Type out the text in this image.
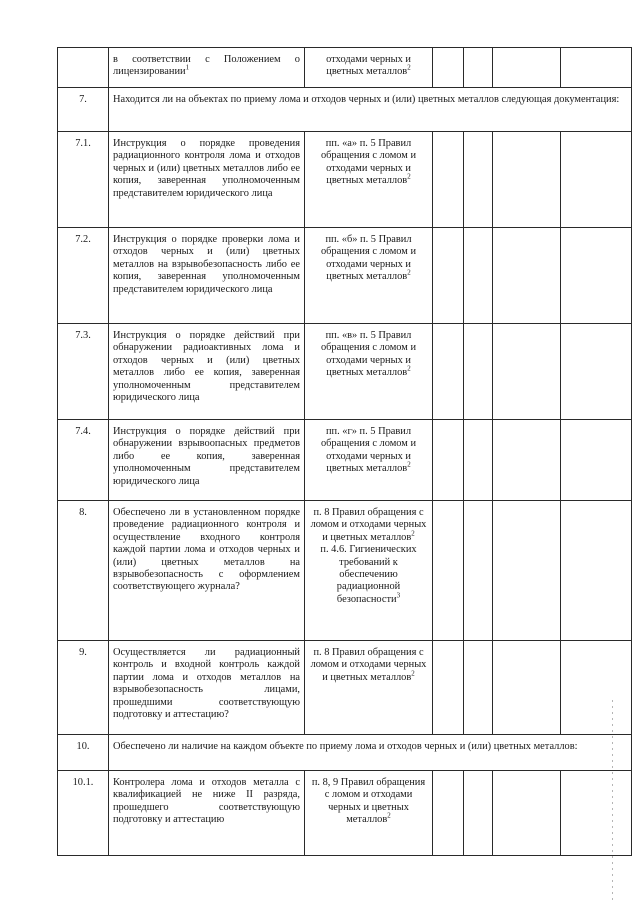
	в соответствии с Положением о лицензировании$^1$	отходами черных и цветных металлов$^2$				
7.	Находится ли на объектах по приему лома и отходов черных и (или) цветных металлов следующая документация:					
7.1.	Инструкция о порядке проведения радиационного контроля лома и отходов черных и (или) цветных металлов либо ее копия, заверенная уполномоченным представителем юридического лица	пп. «а» п. 5 Правил обращения с ломом и отходами черных и цветных металлов$^2$				
7.2.	Инструкция о порядке проверки лома и отходов черных и (или) цветных металлов на взрывобезопасность либо ее копия, заверенная уполномоченным представителем юридического лица	пп. «б» п. 5 Правил обращения с ломом и отходами черных и цветных металлов$^2$				
7.3.	Инструкция о порядке действий при обнаружении радиоактивных лома и отходов черных и (или) цветных металлов либо ее копия, заверенная уполномоченным представителем юридического лица	пп. «в» п. 5 Правил обращения с ломом и отходами черных и цветных металлов$^2$				
7.4.	Инструкция о порядке действий при обнаружении взрывоопасных предметов либо ее копия, заверенная уполномоченным представителем юридического лица	пп. «г» п. 5 Правил обращения с ломом и отходами черных и цветных металлов$^2$				
8.	Обеспечено ли в установленном порядке проведение радиационного контроля и осуществление входного контроля каждой партии лома и отходов черных и (или) цветных металлов на взрывобезопасность с оформлением соответствующего журнала?	п. 8 Правил обращения с ломом и отходами черных и цветных металлов$^2$
п. 4.6. Гигиенических требований к обеспечению радиационной безопасности$^3$				
9.	Осуществляется ли радиационный контроль и входной контроль каждой партии лома и отходов металлов на взрывобезопасность лицами, прошедшими соответствующую подготовку и аттестацию?	п. 8 Правил обращения с ломом и отходами черных и цветных металлов$^2$				
10.	Обеспечено ли наличие на каждом объекте по приему лома и отходов черных и (или) цветных металлов:					
10.1.	Контролера лома и отходов металла с квалификацией не ниже II разряда, прошедшего соответствующую подготовку и аттестацию	п. 8, 9 Правил обращения с ломом и отходами черных и цветных металлов$^2$				
